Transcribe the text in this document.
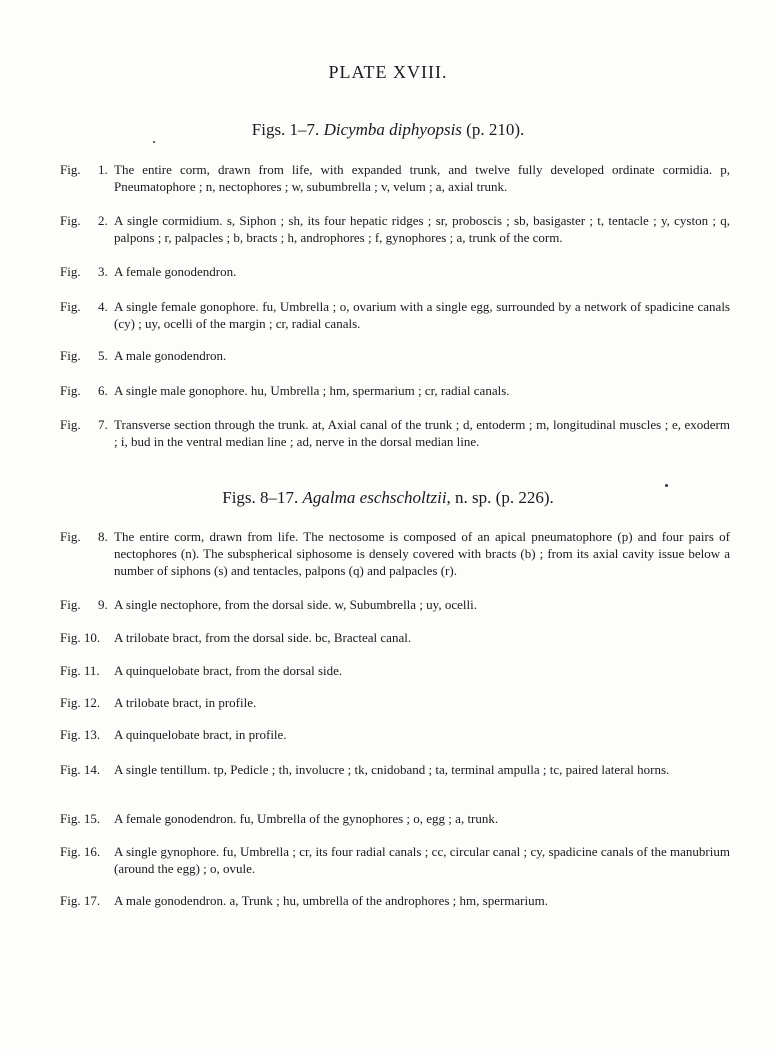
PLATE XVIII.
Figs. 1–7. Dicymba diphyopsis (p. 210).
Fig.	1. The entire corm, drawn from life, with expanded trunk, and twelve fully developed ordinate cormidia. p, Pneumatophore ; n, nectophores ; w, subumbrella ; v, velum ; a, axial trunk.
Fig.	2. A single cormidium. s, Siphon ; sh, its four hepatic ridges ; sr, proboscis ; sb, basigaster ; t, tentacle ; y, cyston ; q, palpons ; r, palpacles ; b, bracts ; h, androphores ; f, gynophores ; a, trunk of the corm.
Fig.	3. A female gonodendron.
Fig.	4. A single female gonophore. fu, Umbrella ; o, ovarium with a single egg, surrounded by a network of spadicine canals (cy) ; uy, ocelli of the margin ; cr, radial canals.
Fig.	5. A male gonodendron.
Fig.	6. A single male gonophore. hu, Umbrella ; hm, spermarium ; cr, radial canals.
Fig.	7. Transverse section through the trunk. at, Axial canal of the trunk ; d, entoderm ; m, longitudinal muscles ; e, exoderm ; i, bud in the ventral median line ; ad, nerve in the dorsal median line.
Figs. 8–17. Agalma eschscholtzii, n. sp. (p. 226).
Fig.	8. The entire corm, drawn from life. The nectosome is composed of an apical pneumatophore (p) and four pairs of nectophores (n). The subspherical siphosome is densely covered with bracts (b) ; from its axial cavity issue below a number of siphons (s) and tentacles, palpons (q) and palpacles (r).
Fig.	9. A single nectophore, from the dorsal side. w, Subumbrella ; uy, ocelli.
Fig. 10.	A trilobate bract, from the dorsal side. bc, Bracteal canal.
Fig. 11.	A quinquelobate bract, from the dorsal side.
Fig. 12.	A trilobate bract, in profile.
Fig. 13.	A quinquelobate bract, in profile.
Fig. 14.	A single tentillum. tp, Pedicle ; th, involucre ; tk, cnidoband ; ta, terminal ampulla ; tc, paired lateral horns.
Fig. 15.	A female gonodendron. fu, Umbrella of the gynophores ; o, egg ; a, trunk.
Fig. 16.	A single gynophore. fu, Umbrella ; cr, its four radial canals ; cc, circular canal ; cy, spadicine canals of the manubrium (around the egg) ; o, ovule.
Fig. 17.	A male gonodendron. a, Trunk ; hu, umbrella of the androphores ; hm, spermarium.
